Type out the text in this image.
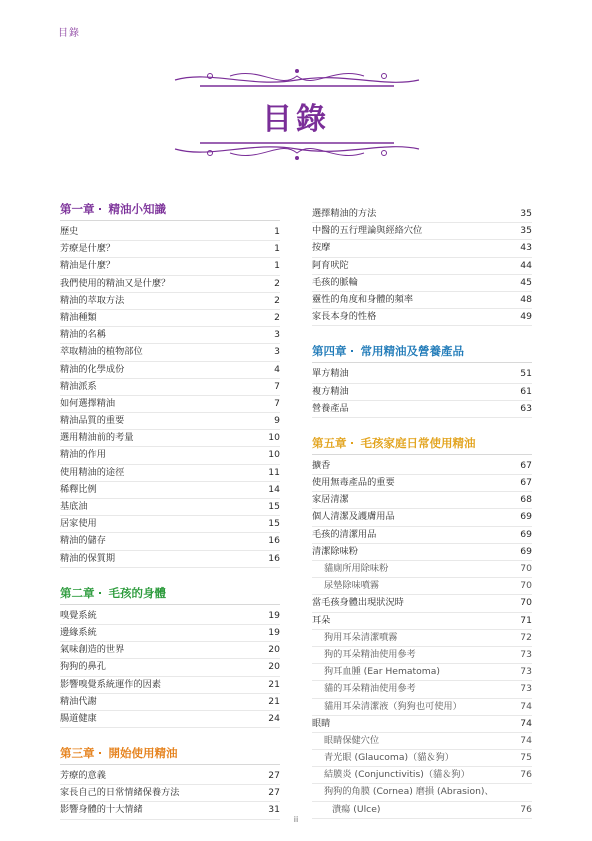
目錄
目錄
第一章 精油小知識
歷史	1
芳療是什麼？	1
精油是什麼？	1
我們使用的精油又是什麼？	2
精油的萃取方法	2
精油種類	2
精油的名稱	3
萃取精油的植物部位	3
精油的化學成份	4
精油派系	7
如何選擇精油	7
精油品質的重要	9
選用精油前的考量	10
精油的作用	10
使用精油的途徑	11
稀釋比例	14
基底油	15
居家使用	15
精油的儲存	16
精油的保質期	16
第二章 毛孩的身體
嗅覺系統	19
邊緣系統	19
氣味創造的世界	20
狗狗的鼻孔	20
影響嗅覺系統運作的因素	21
精油代謝	21
腸道健康	24
第三章 開始使用精油
芳療的意義	27
家長自己的日常情緒保養方法	27
影響身體的十大情緒	31
選擇精油的方法	35
中醫的五行理論與經絡穴位	35
按摩	43
阿育吠陀	44
毛孩的脈輪	45
靈性的角度和身體的頻率	48
家長本身的性格	49
第四章 常用精油及營養產品
單方精油	51
複方精油	61
營養產品	63
第五章 毛孩家庭日常使用精油
擴香	67
使用無毒產品的重要	67
家居清潔	68
個人清潔及護膚用品	69
毛孩的清潔用品	69
清潔除味粉	69
貓廁所用除味粉	70
尿墊除味噴霧	70
當毛孩身體出現狀況時	70
耳朵	71
狗用耳朵清潔噴霧	72
狗的耳朵精油使用參考	73
狗耳血腫 (Ear Hematoma)	73
貓的耳朵精油使用參考	73
貓用耳朵清潔液（狗狗也可使用）	74
眼睛	74
眼睛保健穴位	74
青光眼 (Glaucoma)（貓＆狗）	75
結膜炎 (Conjunctivitis)（貓＆狗）	76
狗狗的角膜 (Cornea) 磨損 (Abrasion)、
潰瘍 (Ulce)	76
ii
